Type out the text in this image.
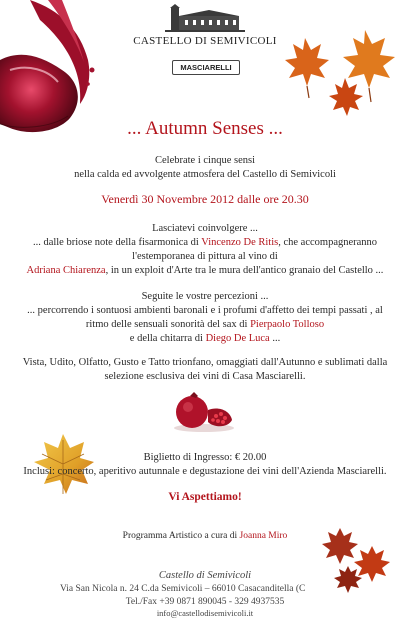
CASTELLO DI SEMIVICOLI
MASCIARELLI
... Autumn Senses ...
Celebrate i cinque sensi
nella calda ed avvolgente atmosfera del Castello di Semivicoli
Venerdì 30 Novembre 2012 dalle ore 20.30
Lasciatevi coinvolgere ...
... dalle briose note della fisarmonica di Vincenzo De Ritis, che accompagneranno
l'estemporanea di pittura al vino di
Adriana Chiarenza, in un exploit d'Arte tra le mura dell'antico granaio del Castello ...
Seguite le vostre percezioni ...
... percorrendo i sontuosi ambienti baronali e i profumi d'affetto dei tempi passati , al
ritmo delle sensuali sonorità del sax di Pierpaolo Tolloso
e della chitarra di Diego De Luca ...
Vista, Udito, Olfatto, Gusto e Tatto trionfano, omaggiati dall'Autunno e sublimati dalla
selezione esclusiva dei vini di Casa Masciarelli.
Biglietto di Ingresso: € 20.00
Inclusi: concerto, aperitivo autunnale e degustazione dei vini dell'Azienda Masciarelli.
Vi Aspettiamo!
Programma Artistico a cura di Joanna Miro
Castello di Semivicoli
Via San Nicola n. 24 C.da Semivicoli – 66010 Casacanditella (C
Tel./Fax +39 0871 890045 - 329 4937535
info@castellodisemivicoli.it
